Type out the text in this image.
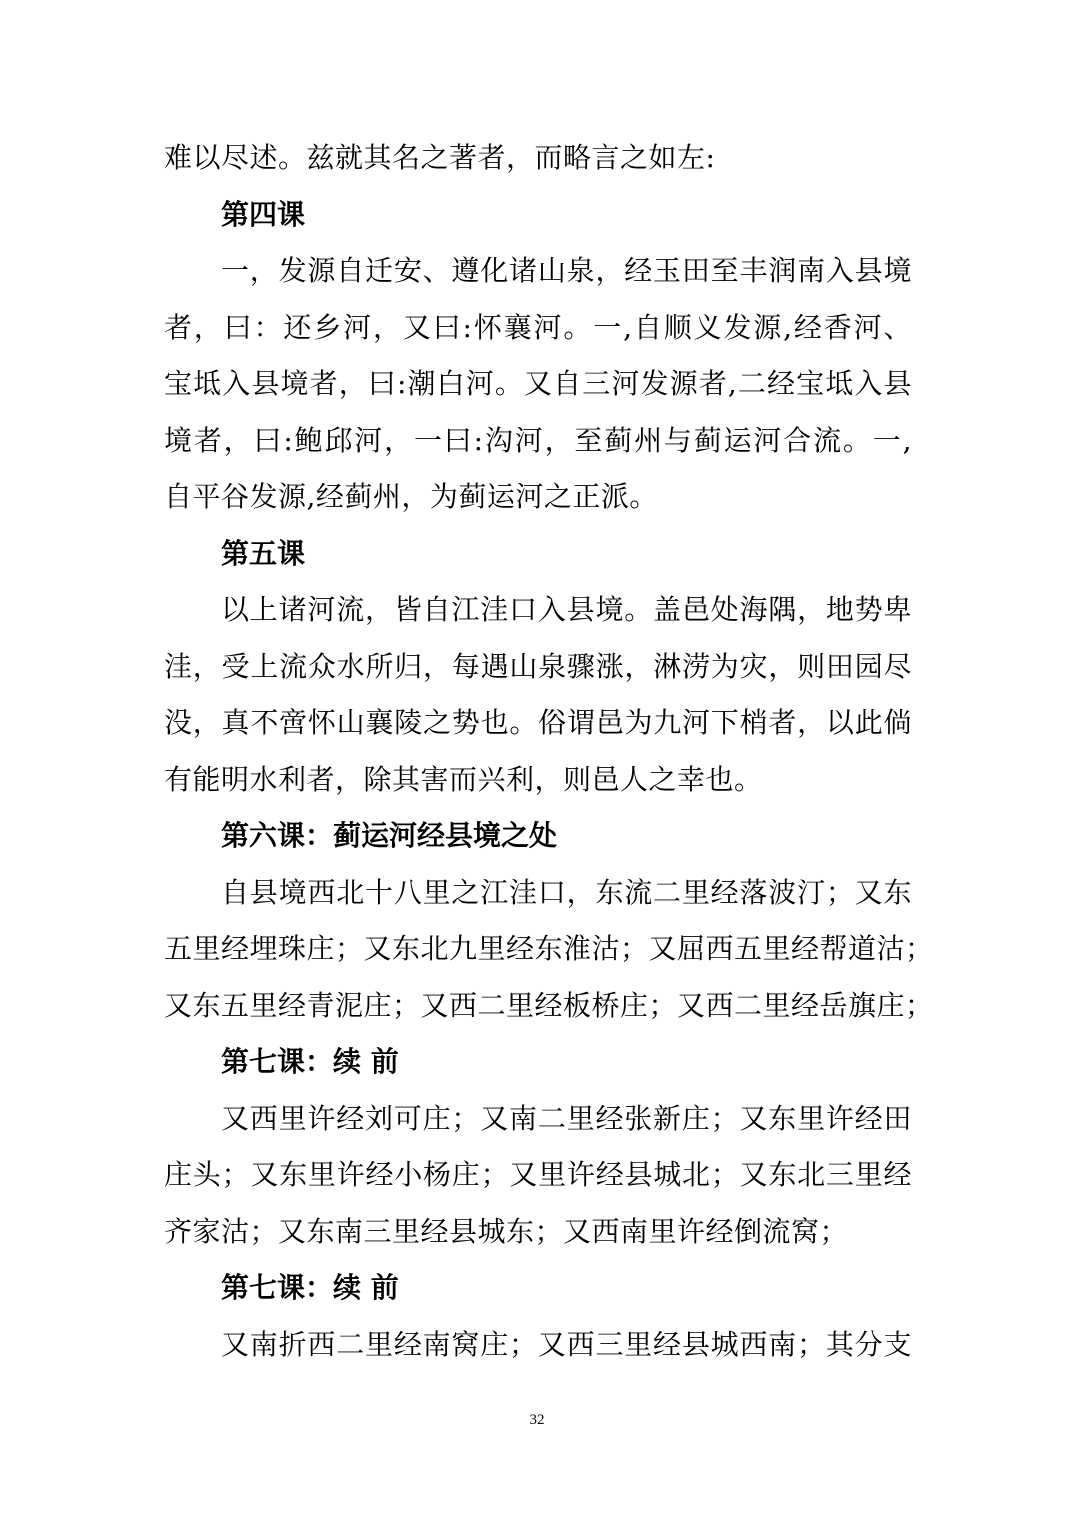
难以尽述。兹就其名之著者，而略言之如左:
第四课
一，发源自迁安、遵化诸山泉，经玉田至丰润南入县境
者，曰：还乡河，又曰:怀襄河。一,自顺义发源,经香河、
宝坻入县境者，曰:潮白河。又自三河发源者,二经宝坻入县
境者，曰:鲍邱河，一曰:沟河，至蓟州与蓟运河合流。一,
自平谷发源,经蓟州，为蓟运河之正派。
第五课
以上诸河流，皆自江洼口入县境。盖邑处海隅，地势卑
洼，受上流众水所归，每遇山泉骤涨，淋涝为灾，则田园尽
没，真不啻怀山襄陵之势也。俗谓邑为九河下梢者，以此倘
有能明水利者，除其害而兴利，则邑人之幸也。
第六课：蓟运河经县境之处
自县境西北十八里之江洼口，东流二里经落波汀；又东
五里经埋珠庄；又东北九里经东淮沽；又屈西五里经帮道沽；
又东五里经青泥庄；又西二里经板桥庄；又西二里经岳旗庄；
第七课：续 前
又西里许经刘可庄；又南二里经张新庄；又东里许经田
庄头；又东里许经小杨庄；又里许经县城北；又东北三里经
齐家沽；又东南三里经县城东；又西南里许经倒流窝；
第七课：续 前
又南折西二里经南窝庄；又西三里经县城西南；其分支
32
